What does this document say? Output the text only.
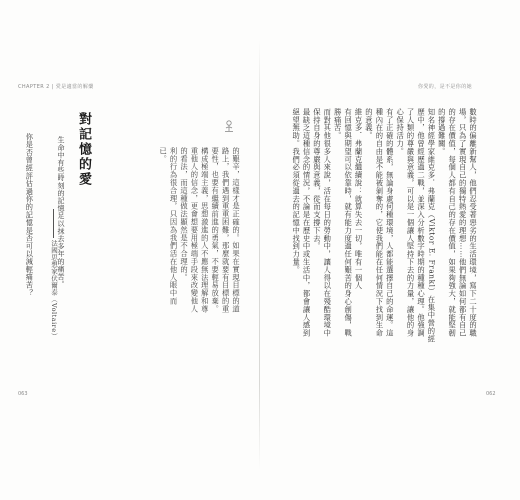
CHAPTER 2 | 愛是適當的解藥	你愛的，是不是你的她
數時的偏離新幫人，他們忍受著惡劣的生活環境，寫下二十度的職場，只為了實現自己的獨特熱愛的理想……他們無論如何都有自己的存在價值，每個人都有自己的存在價值，如果夠強大，就能堅韌的撐過難關。
知名神經學家維克多．弗蘭克（Viktor E. Frankl）在集中營的經歷中，他曾經歷過二戰，並深入分析數字時期的種種心理。他強調了人類的尊嚴與意義，可以是一個讓人堅持下去的力量，讓他的身心保持活力。
有了正確的體系，無論身處何種環境，人都能選擇自己的命運。這種內在的自由是不能被剝奪的，它使我們能在任何情況下找到生命的意義。
維克多．弗蘭克繼續說：就算失去一切，唯有一個人
有回憶與期望可以依靠時，就有能力度過任何艱苦的身心創傷，戰勝痛苦。
而對其他很多人來說，活在每日的勞動中，讓人得以在殘酷環境中保持自身的尊嚴與意義，從而支撐下去。
最缺乏這種信念的情況，不論是在歷史中或生活中，都會讓人感到絕望無助。我們必須從過去的記憶中找到力量。
的艱辛，這樣才是正確的。如果在實現目標的道路上，我們遇到重重困難，那麼就要有目標的重要性，也要有繼續前進的勇氣，不要輕易放棄。
構成極端主義，思想激進的人不應無法理解和尊重他人的信念，更會想要用極端手段來改變他人的看法，而這種做法顯然是不合理的。
利的行為很合理，只因為我們活在他人眼中而已。
對記憶的愛
生命中有些時刻的記憶足以抹去多年的痛苦。
法國思想家伏爾泰（Voltaire）
你是否曾經評估過你的記憶是否可以減輕痛苦？
063	062
